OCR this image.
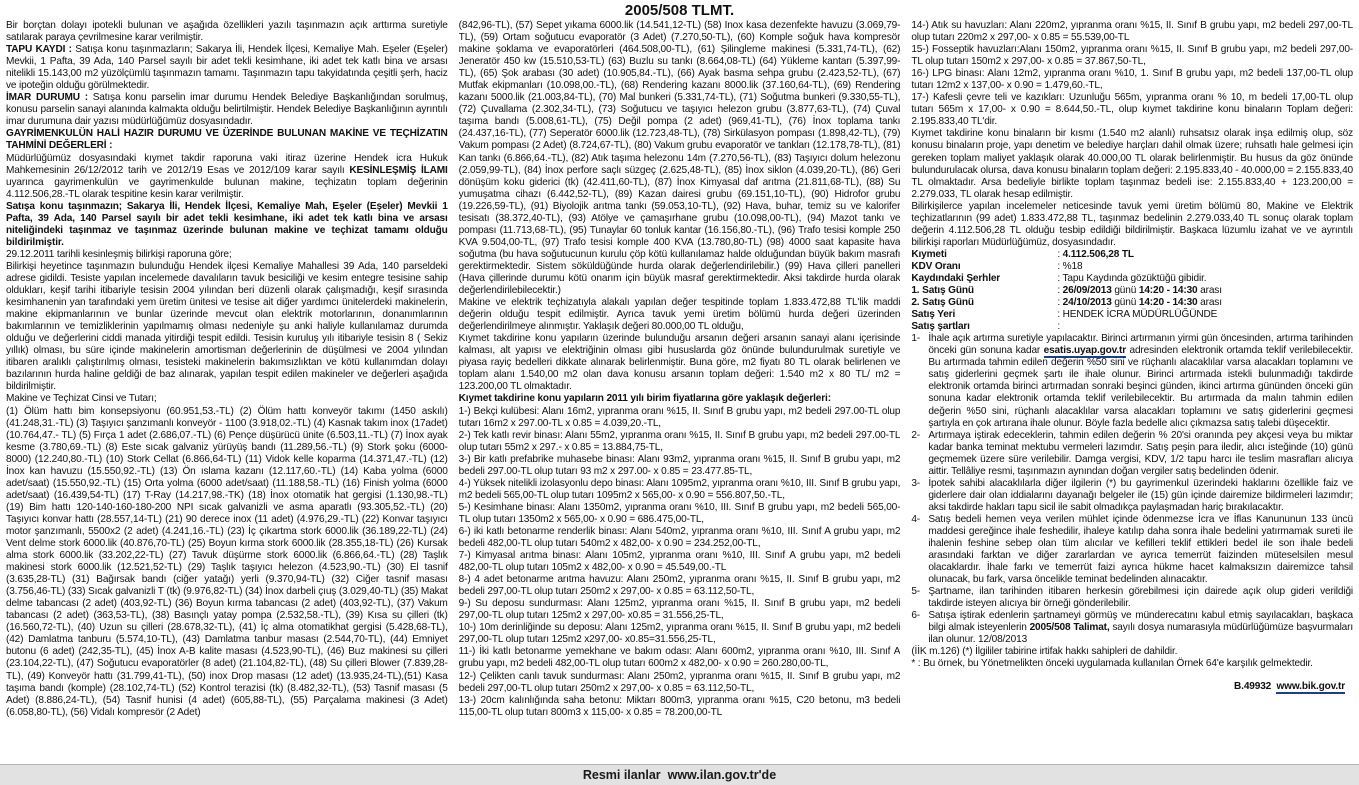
2005/508 TLMT.

Bir borçtan dolayı ipotekli bulunan ve aşağıda özellikleri yazılı taşınmazın açık arttırma suretiyle satılarak paraya çevrilmesine karar verilmiştir.

TAPU KAYDI : Satışa konu taşınmazların; Sakarya İli, Hendek İlçesi, Kemaliye Mah. Eşeler (Eşeler) Mevkii, 1 Pafta, 39 Ada, 140 Parsel sayılı bir adet tekli kesimhane, iki adet tek katlı bina ve arsası nitelikli 15.143,00 m2 yüzölçümlü taşınmazın tamamı. Taşınmazın tapu takyidatında çeşitli şerh, haciz ve ipoteğin olduğu görülmektedir.

İMAR DURUMU : Satışa konu parselin imar durumu Hendek Belediye Başkanlığından sorulmuş, konusu parselin sanayi alanında kalmakta olduğu belirtilmiştir. Hendek Belediye Başkanlığının ayrıntılı imar durumuna dair yazısı müdürlüğümüz dosyasındadır.

GAYRİMENKULÜN HALİ HAZIR DURUMU VE ÜZERİNDE BULUNAN MAKİNE VE TEÇHİZATIN TAHMİNİ DEĞERLERİ :

Müdürlüğümüz dosyasındaki kıymet takdir raporuna vaki itiraz üzerine Hendek icra Hukuk Mahkemesinin 26/12/2012 tarih ve 2012/19 Esas ve 2012/109 karar sayılı KESİNLEŞMİŞ İLAMI uyarınca gayrimenkulün ve gayrimenkulde bulunan makine, teçhizatın toplam değerinin 4.112.506,28.-TL olarak tespitine kesin karar verilmiştir.

Satışa konu taşınmazın; Sakarya İli, Hendek İlçesi, Kemaliye Mah, Eşeler (Eşeler) Mevkii 1 Pafta, 39 Ada, 140 Parsel sayılı bir adet tekli kesimhane, iki adet tek katlı bina ve arsası niteliğindeki taşınmaz ve taşınmaz üzerinde bulunan makine ve teçhizat tamamı olduğu bildirilmiştir.

29.12.2011 tarihli kesinleşmiş bilirkişi raporuna göre;

Bilirkişi heyetince taşınmazın bulunduğu Hendek ilçesi Kemaliye Mahallesi 39 Ada, 140 parseldeki adrese gidildi. Tesiste yapılan incelemede davalıların tavuk besiciliği ve kesim entegre tesisine sahip oldukları, keşif tarihi itibariyle tesisin 2004 yılından beri düzenli olarak çalışmadığı, keşif sırasında kesimhanenin yan tarafındaki yem üretim ünitesi ve tesise ait diğer yardımcı ünitelerdeki makinelerin, makine ekipmanlarının ve bunlar üzerinde mevcut olan elektrik motorlarının, donanımlarının bakımlarının ve temizliklerinin yapılmamış olması nedeniyle şu anki haliyle kullanılamaz durumda olduğu ve değerlerini ciddi manada yitirdiği tespit edildi. Tesisin kuruluş yılı itibariyle tesisin 8 ( Sekiz yıllık) olması, bu süre içinde makinelerin amortisman değerlerinin de düşülmesi ve 2004 yılından itibaren aralıklı çalıştırılmış olması, tesisteki makinelerin bakımsızlıktan ve kötü kullanımdan dolayı bazılarının hurda haline geldiği de baz alınarak, yapılan tespit edilen makineler ve değerleri aşağıda bildirilmiştir.

Makine ve Teçhizat Cinsi ve Tutarı;

(1) Ölüm hattı bim konsepsiyonu (60.951,53.-TL) (2) Ölüm hattı konveyör takımı (1450 askılı) (41.248,31.-TL) (3) Taşıyıcı şanzımanlı konveyör - 1100 (3.918,02.-TL) (4) Kasnak takım inox (17adet) (10.764,47.- TL) (5) Fırça 1 adet (2.686,07.-TL) (6) Pençe düşürücü ünite (6.503,11.-TL) (7) İnox ayak kesme (3.780,69.-TL) (8) Este sıcak galvaniz yürüyüş bandı (11.289,56.-TL) (9) Stork şoku (6000-8000) (12.240,80.-TL) (10) Stork Cellat (6.866,64-TL) (11) Vidok kelle koparma (14.371,47.-TL) (12) İnox kan havuzu (15.550,92.-TL) (13) Ön ıslama kazanı (12.117,60.-TL) (14) Kaba yolma (6000 adet/saat) (15.550,92.-TL) (15) Orta yolma (6000 adet/saat) (11.188,58.-TL) (16) Finish yolma (6000 adet/saat) (16.439,54-TL) (17) T-Ray (14.217,98.-TK) (18) İnox otomatik hat gergisi (1.130,98.-TL) (19) Bim hattı 120-140-160-180-200 NPI sıcak galvanizli ve asma aparatlı (93.305,52.-TL) (20) Taşıyıcı konvar hattı (28.557,14-TL) (21) 90 derece inox (11 adet) (4.976,29.-TL) (22) Konvar taşıyıcı motor şanzımanlı, 5500x2 (2 adet) (4.241,16.-TL) (23) İç çıkartma stork 6000.lik (36.189,22-TL) (24) Vent delme stork 6000.lik (40.876,70-TL) (25) Boyun kırma stork 6000.lik (28.355,18-TL) (26) Kursak alma stork 6000.lik (33.202,22-TL) (27) Tavuk düşürme stork 6000.lik (6.866,64.-TL) (28) Taşlık makinesi stork 6000.lik (12.521,52-TL) (29) Taşlık taşıyıcı helezon (4.523,90.-TL) (30) El tasnif (3.635,28-TL) (31) Bağırsak bandı (ciğer yatağı) yerli (9.370,94-TL) (32) Ciğer tasnif masası (3.756,46-TL) (33) Sıcak galvanizli T (tk) (9.976,82-TL) (34) İnox darbeli çıuş (3.029,40-TL) (35) Makat delme tabancası (2 adet) (403,92-TL) (36) Boyun kırma tabancası (2 adet) (403,92-TL), (37) Vakum tabancası (2 adet) (363,53-TL), (38) Basınçlı yatay pompa (2.532,58.-TL), (39) Kısa su çilleri (tk) (16.560,72-TL), (40) Uzun su çilleri (28.678,32-TL), (41) İç alma otomatikhat gergisi (5.428,68-TL), (42) Damlatma tanburu (5.574,10-TL), (43) Damlatma tanbur masası (2.544,70-TL), (44) Emniyet butonu (6 adet) (242,35-TL), (45) İnox A-B kalite masası (4.523,90-TL), (46) Buz makinesi su çilleri (23.104,22-TL), (47) Soğutucu evaporatörler (8 adet) (21.104,82-TL), (48) Su çilleri Blower (7.839,28-TL), (49) Konveyör hattı (31.799,41-TL), (50) inox Drop masası (12 adet) (13.935,24-TL),(51) Kasa taşıma bandı (komple) (28.102,74-TL) (52) Kontrol terazisi (tk) (8.482,32-TL), (53) Tasnif masası (5 Adet) (8.886,24-TL), (54) Tasnif hunisi (4 adet) (605,88-TL), (55) Parçalama makinesi (3 Adet) (6.058,80-TL), (56) Vidalı kompresör (2 Adet)

(842,96-TL), (57) Sepet yıkama 6000.lik (14.541,12-TL) (58) İnox kasa dezenfekte havuzu (3.069,79-TL), (59) Ortam soğutucu evaporatör (3 Adet) (7.270,50-TL), (60) Komple soğuk hava kompresör makine şoklama ve evaporatörleri (464.508,00-TL), (61) Şilingleme makinesi (5.331,74-TL), (62) Jeneratör 450 kw (15.510,53-TL) (63) Buzlu su tankı (8.664,08-TL) (64) Yükleme kantarı (5.397,99-TL), (65) Şok arabası (30 adet) (10.905,84.-TL), (66) Ayak basma sehpa grubu (2.423,52-TL), (67) Mutfak ekipmanları (10.098,00.-TL), (68) Rendering kazanı 8000.lik (37.160,64-TL), (69) Rendering kazanı 5000.lik (21.003,84-TL), (70) Mal bunkeri (5.331,74-TL), (71) Soğutma bunkeri (9.330,55-TL), (72) Çuvallama (2.302,34-TL), (73) Soğutucu ve taşıyıcı helezon grubu (3.877,63-TL), (74) Çuval taşıma bandı (5.008,61-TL), (75) Değil pompa (2 adet) (969,41-TL), (76) İnox toplama tankı (24.437,16-TL), (77) Seperatör 6000.lik (12.723,48-TL), (78) Sirkülasyon pompası (1.898,42-TL), (79) Vakum pompası (2 Adet) (8.724,67-TL), (80) Vakum grubu evaporatör ve tankları (12.178,78-TL), (81) Kan tankı (6.866,64.-TL), (82) Atık taşıma helezonu 14m (7.270,56-TL), (83) Taşıyıcı dolum helezonu (2.059,99-TL), (84) İnox perfore saçlı süzgeç (2.625,48-TL), (85) İnox siklon (4.039,20-TL), (86) Geri dönüşüm koku giderici (tk) (42.411,60-TL), (87) İnox Kimyasal daf arıtma (21.811,68-TL), (88) Su yumuşatma cihazı (6.442,52-TL), (89) Kazan dairesi grubu (69.151,10-TL), (90) Hidrofor grubu (19.226,59-TL), (91) Biyolojik arıtma tankı (59.053,10-TL), (92) Hava, buhar, temiz su ve kalorifer tesisatı (38.372,40-TL), (93) Atölye ve çamaşırhane grubu (10.098,00-TL), (94) Mazot tankı ve pompası (11.713,68-TL), (95) Tunaylar 60 tonluk kantar (16.156,80.-TL), (96) Trafo tesisi komple 250 KVA 9.504,00-TL, (97) Trafo tesisi komple 400 KVA (13.780,80-TL) (98) 4000 saat kapasite hava soğutma (bu hava soğutucunun kurulu çöp kötü kullanılamaz halde olduğundan büyük bakım masrafı gerektirmektedir. Sistem söküldüğünde hurda olarak değerlendirilebilir.) (99) Hava çilleri panelleri (Hava çillerinde durumu kötü onarım için büyük masraf gerektirmektedir. Aksi takdirde hurda olarak değerlendirilebilecektir.)

Makine ve elektrik teçhizatıyla alakalı yapılan değer tespitinde toplam 1.833.472,88 TL'lik maddi değerin olduğu tespit edilmiştir. Ayrıca tavuk yemi üretim bölümü hurda değeri üzerinden değerlendirilmeye alınmıştır. Yaklaşık değeri 80.000,00 TL olduğu,

Kıymet takdirine konu yapıların üzerinde bulunduğu arsanın değeri arsanın sanayi alanı içerisinde kalması, alt yapısı ve elektriğinin olması gibi hususlarda göz önünde bulundurulmak suretiyle ve piyasa rayiç bedelleri dikkate alınarak belirlenmiştir. Buna göre, m2 fiyatı 80 TL olarak belirlenen ve toplam alanı 1.540,00 m2 olan dava konusu arsanın toplam değeri: 1.540 m2 x 80 TL/ m2 = 123.200,00 TL olmaktadır.

Kıymet takdirine konu yapıların 2011 yılı birim fiyatlarına göre yaklaşık değerleri:

1-) Bekçi kulübesi: Alanı 16m2, yıpranma oranı %15, II. Sınıf B grubu yapı, m2 bedeli 297.00-TL olup tutarı 16m2 x 297.00-TL x 0.85 = 4.039,20.-TL,

2-) Tek katlı revir binası: Alanı 55m2, yıpranma oranı %15, II. Sınıf B grubu yapı, m2 bedeli 297.00-TL olup tutarı 55m2 x 297.- x 0.85 = 13.884,75-TL,

3-) Bir katlı prefabrike muhasebe binası: Alanı 93m2, yıpranma oranı %15, II. Sınıf B grubu yapı, m2 bedeli 297.00-TL olup tutarı 93 m2 x 297.00- x 0.85 = 23.477.85-TL,

4-) Yüksek nitelikli izolasyonlu depo binası: Alanı 1095m2, yıpranma oranı %10, III. Sınıf B grubu yapı, m2 bedeli 565,00-TL olup tutarı 1095m2 x 565,00- x 0.90 = 556.807,50.-TL,

5-) Kesimhane binası: Alanı 1350m2, yıpranma oranı %10, III. Sınıf B grubu yapı, m2 bedeli 565,00-TL olup tutarı 1350m2 x 565,00- x 0.90 = 686.475,00-TL,

6-) iki katlı betonarme renderlik binası: Alanı 540m2, yıpranma oranı %10, III. Sınıf A grubu yapı, m2 bedeli 482,00-TL olup tutarı 540m2 x 482,00- x 0.90 = 234.252,00-TL,

7-) Kimyasal arıtma binası: Alanı 105m2, yıpranma oranı %10, III. Sınıf A grubu yapı, m2 bedeli 482,00-TL olup tutarı 105m2 x 482,00- x 0.90 = 45.549,00.-TL

8-) 4 adet betonarme arıtma havuzu: Alanı 250m2, yıpranma oranı %15, II. Sınıf B grubu yapı, m2 bedeli 297,00-TL olup tutarı 250m2 x 297,00- x 0.85 = 63.112,50-TL,

9-) Su deposu sundurması: Alanı 125m2, yıpranma oranı %15, II. Sınıf B grubu yapı, m2 bedeli 297,00-TL olup tutarı 125m2 x 297,00- x0.85 = 31.556,25-TL,

10-) 10m derinliğinde su deposu: Alanı 125m2, yıpranma oranı %15, II. Sınıf B grubu yapı, m2 bedeli 297,00-TL olup tutarı 125m2 x297,00- x0.85=31.556,25-TL,

11-) İki katlı betonarme yemekhane ve bakım odası: Alanı 600m2, yıpranma oranı %10, III. Sınıf A grubu yapı, m2 bedeli 482,00-TL olup tutarı 600m2 x 482,00- x 0.90 = 260.280,00-TL,

12-) Çelikten canlı tavuk sundurması: Alanı 250m2, yıpranma oranı %15, II. Sınıf B grubu yapı, m2 bedeli 297,00-TL olup tutarı 250m2 x 297,00- x 0.85 = 63.112,50-TL,

13-) 20cm kalınlığında saha betonu: Miktarı 800m3, yıpranma oranı %15, C20 betonu, m3 bedeli 115,00-TL olup tutarı 800m3 x 115,00- x 0.85 = 78.200,00-TL

14-) Atık su havuzları: Alanı 220m2, yıpranma oranı %15, II. Sınıf B grubu yapı, m2 bedeli 297,00-TL olup tutarı 220m2 x 297,00- x 0.85 = 55.539,00-TL

15-) Fosseptik havuzları:Alanı 150m2, yıpranma oranı %15, II. Sınıf B grubu yapı, m2 bedeli 297,00-TL olup tutarı 150m2 x 297,00- x 0.85 = 37.867,50-TL,

16-) LPG binası: Alanı 12m2, yıpranma oranı %10, 1. Sınıf B grubu yapı, m2 bedeli 137,00-TL olup tutarı 12m2 x 137,00- x 0.90 = 1.479,60.-TL,

17-) Kafesli çevre teli ve kazıkları: Uzunluğu 565m, yıpranma oranı % 10, m bedeli 17,00-TL olup tutarı 565m x 17,00- x 0.90 = 8.644,50.-TL, olup kıymet takdirine konu binaların Toplam değeri: 2.195.833,40 TL'dir.

Kıymet takdirine konu binaların bir kısmı (1.540 m2 alanlı) ruhsatsız olarak inşa edilmiş olup, söz konusu binaların proje, yapı denetim ve belediye harçları dahil olmak üzere; ruhsatlı hale gelmesi için gereken toplam maliyet yaklaşık olarak 40.000,00 TL olarak belirlenmiştir. Bu husus da göz önünde bulundurulacak olursa, dava konusu binaların toplam değeri: 2.195.833,40 - 40.000,00 = 2.155.833,40 TL olmaktadır. Arsa bedeliyle birlikte toplam taşınmaz bedeli ise: 2.155.833,40 + 123.200,00 = 2.279.033, TL olarak hesap edilmiştir.

Bilirkişilerce yapılan incelemeler neticesinde tavuk yemi üretim bölümü 80, Makine ve Elektrik teçhizatlarının (99 adet) 1.833.472,88 TL, taşınmaz bedelinin 2.279.033,40 TL sonuç olarak toplam değerin 4.112.506,28 TL olduğu tesbip edildiği bildirilmiştir. Başkaca lüzumlu izahat ve ve ayrıntılı bilirkişi raporları Müdürlüğümüz, dosyasındadır.

Kıymeti	: 4.112.506,28 TL
KDV Oranı	: %18
Kaydındaki Şerhler	: Tapu Kaydında gözüktüğü gibidir.
1. Satış Günü	: 26/09/2013 günü 14:20 - 14:30 arası
2. Satış Günü	: 24/10/2013 günü 14:20 - 14:30 arası
Satış Yeri	: HENDEK İCRA MÜDÜRLÜĞÜNDE
Satış şartları	:
1- İhale açık artırma suretiyle yapılacaktır. Birinci artırmanın yirmi gün öncesinden, artırma tarihinden önceki gün sonuna kadar esatis.uyap.gov.tr adresinden elektronik ortamda teklif verilebilecektir. Bu artırmada tahmin edilen değerin %50 sini ve rüçhanlı alacaklılar varsa alacakları toplamını ve satış giderlerini geçmek şartı ile ihale olunur. Birinci artırmada istekli bulunmadığı takdirde elektronik ortamda birinci artırmadan sonraki beşinci günden, ikinci artırma gününden önceki gün sonuna kadar elektronik ortamda teklif verilebilecektir. Bu artırmada da malın tahmin edilen değerin %50 sini, rüçhanlı alacaklılar varsa alacakları toplamını ve satış giderlerini geçmesi şartıyla en çok artırana ihale olunur. Böyle fazla bedelle alıcı çıkmazsa satış talebi düşecektir.
2- Artırmaya iştirak edeceklerin, tahmin edilen değerin % 20'si oranında pey akçesi veya bu miktar kadar banka teminat mektubu vermeleri lazımdır. Satış peşin para iledir, alıcı isteğinde (10) günü geçmemek üzere süre verilebilir. Damga vergisi, KDV, 1/2 tapu harcı ile teslim masrafları alıcıya aittir. Tellâliye resmi, taşınmazın aynından doğan vergiler satış bedelinden ödenir.
3- İpotek sahibi alacaklılarla diğer ilgilerin (*) bu gayrimenkul üzerindeki haklarını özellikle faiz ve giderlere dair olan iddialarını dayanağı belgeler ile (15) gün içinde dairemize bildirmeleri lazımdır; aksi takdirde hakları tapu sicil ile sabit olmadıkça paylaşmadan hariç bırakılacaktır.
4- Satış bedeli hemen veya verilen mühlet içinde ödenmezse İcra ve İflas Kanununun 133 üncü maddesi gereğince ihale feshedilir, ihaleye katılıp daha sonra ihale bedelini yatırmamak sureti ile ihalenin feshine sebep olan tüm alıcılar ve kefilleri teklif ettikleri bedel ile son ihale bedeli arasındaki farktan ve diğer zararlardan ve ayrıca temerrüt faizinden müteselsilen mesul olacaklardır. İhale farkı ve temerrüt faizi ayrıca hükme hacet kalmaksızın dairemizce tahsil olunacak, bu fark, varsa öncelikle teminat bedelinden alınacaktır.
5- Şartname, ilan tarihinden itibaren herkesin görebilmesi için dairede açık olup gideri verildiği takdirde isteyen alıcıya bir örneği gönderilebilir.
6- Satışa iştirak edenlerin şartnameyi görmüş ve münderecatını kabul etmiş sayılacakları, başkaca bilgi almak isteyenlerin 2005/508 Talimat, sayılı dosya numarasıyla müdürlüğümüze başvurmaları ilan olunur. 12/08/2013

(İİK m.126) (*) İlgililer tabirine irtifak hakkı sahipleri de dahildir.

* : Bu örnek, bu Yönetmelikten önceki uygulamada kullanılan Örnek 64'e karşılık gelmektedir.

B.49932  www.bik.gov.tr

Resmi ilanlar  www.ilan.gov.tr'de
